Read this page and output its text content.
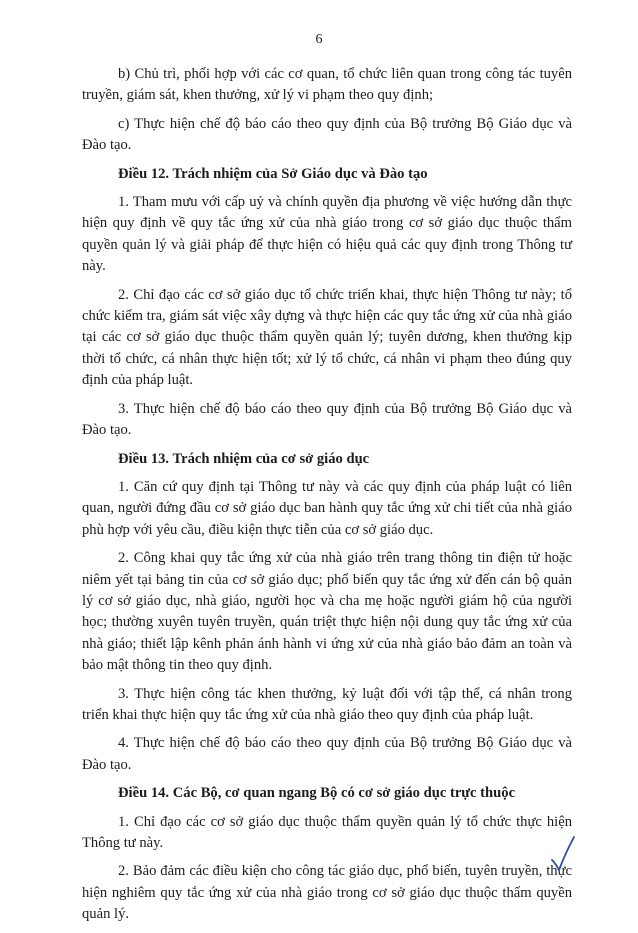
6

b) Chủ trì, phối hợp với các cơ quan, tổ chức liên quan trong công tác tuyên truyền, giám sát, khen thưởng, xử lý vi phạm theo quy định;

c) Thực hiện chế độ báo cáo theo quy định của Bộ trưởng Bộ Giáo dục và Đào tạo.

Điều 12. Trách nhiệm của Sở Giáo dục và Đào tạo

1. Tham mưu với cấp uỷ và chính quyền địa phương về việc hướng dẫn thực hiện quy định về quy tắc ứng xử của nhà giáo trong cơ sở giáo dục thuộc thẩm quyền quản lý và giải pháp để thực hiện có hiệu quả các quy định trong Thông tư này.

2. Chỉ đạo các cơ sở giáo dục tổ chức triển khai, thực hiện Thông tư này; tổ chức kiểm tra, giám sát việc xây dựng và thực hiện các quy tắc ứng xử của nhà giáo tại các cơ sở giáo dục thuộc thẩm quyền quản lý; tuyên dương, khen thưởng kịp thời tổ chức, cá nhân thực hiện tốt; xử lý tổ chức, cá nhân vi phạm theo đúng quy định của pháp luật.

3. Thực hiện chế độ báo cáo theo quy định của Bộ trưởng Bộ Giáo dục và Đào tạo.

Điều 13. Trách nhiệm của cơ sở giáo dục

1. Căn cứ quy định tại Thông tư này và các quy định của pháp luật có liên quan, người đứng đầu cơ sở giáo dục ban hành quy tắc ứng xử chi tiết của nhà giáo phù hợp với yêu cầu, điều kiện thực tiễn của cơ sở giáo dục.

2. Công khai quy tắc ứng xử của nhà giáo trên trang thông tin điện tử hoặc niêm yết tại bảng tin của cơ sở giáo dục; phổ biến quy tắc ứng xử đến cán bộ quản lý cơ sở giáo dục, nhà giáo, người học và cha mẹ hoặc người giám hộ của người học; thường xuyên tuyên truyền, quán triệt thực hiện nội dung quy tắc ứng xử của nhà giáo; thiết lập kênh phản ánh hành vi ứng xử của nhà giáo bảo đảm an toàn và bảo mật thông tin theo quy định.

3. Thực hiện công tác khen thưởng, kỷ luật đối với tập thể, cá nhân trong triển khai thực hiện quy tắc ứng xử của nhà giáo theo quy định của pháp luật.

4. Thực hiện chế độ báo cáo theo quy định của Bộ trưởng Bộ Giáo dục và Đào tạo.

Điều 14. Các Bộ, cơ quan ngang Bộ có cơ sở giáo dục trực thuộc

1. Chỉ đạo các cơ sở giáo dục thuộc thẩm quyền quản lý tổ chức thực hiện Thông tư này.

2. Bảo đảm các điều kiện cho công tác giáo dục, phổ biến, tuyên truyền, thực hiện nghiêm quy tắc ứng xử của nhà giáo trong cơ sở giáo dục thuộc thẩm quyền quản lý.
